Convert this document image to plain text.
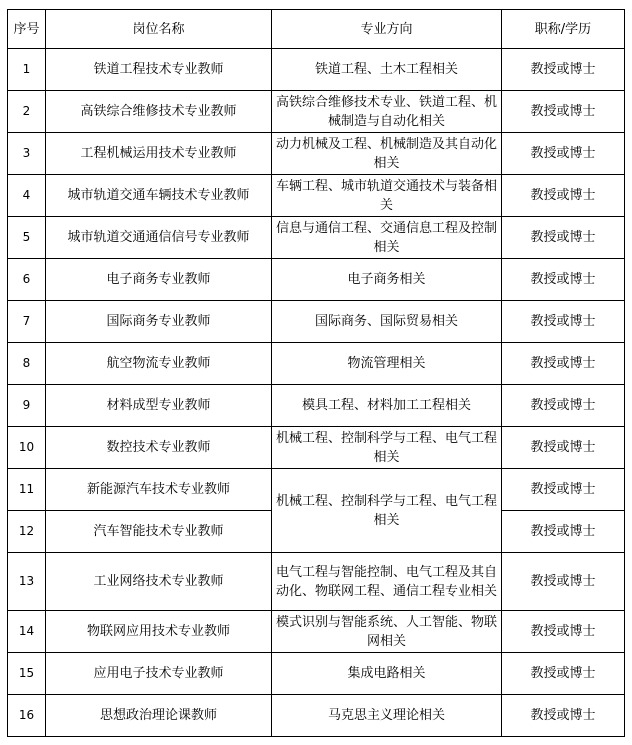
序号	岗位名称	专业方向	职称/学历
1	铁道工程技术专业教师	铁道工程、土木工程相关	教授或博士
2	高铁综合维修技术专业教师	高铁综合维修技术专业、铁道工程、机械制造与自动化相关	教授或博士
3	工程机械运用技术专业教师	动力机械及工程、机械制造及其自动化相关	教授或博士
4	城市轨道交通车辆技术专业教师	车辆工程、城市轨道交通技术与装备相关	教授或博士
5	城市轨道交通通信信号专业教师	信息与通信工程、交通信息工程及控制相关	教授或博士
6	电子商务专业教师	电子商务相关	教授或博士
7	国际商务专业教师	国际商务、国际贸易相关	教授或博士
8	航空物流专业教师	物流管理相关	教授或博士
9	材料成型专业教师	模具工程、材料加工工程相关	教授或博士
10	数控技术专业教师	机械工程、控制科学与工程、电气工程相关	教授或博士
11	新能源汽车技术专业教师	机械工程、控制科学与工程、电气工程相关	教授或博士
12	汽车智能技术专业教师		教授或博士
13	工业网络技术专业教师	电气工程与智能控制、电气工程及其自动化、物联网工程、通信工程专业相关	教授或博士
14	物联网应用技术专业教师	模式识别与智能系统、人工智能、物联网相关	教授或博士
15	应用电子技术专业教师	集成电路相关	教授或博士
16	思想政治理论课教师	马克思主义理论相关	教授或博士
